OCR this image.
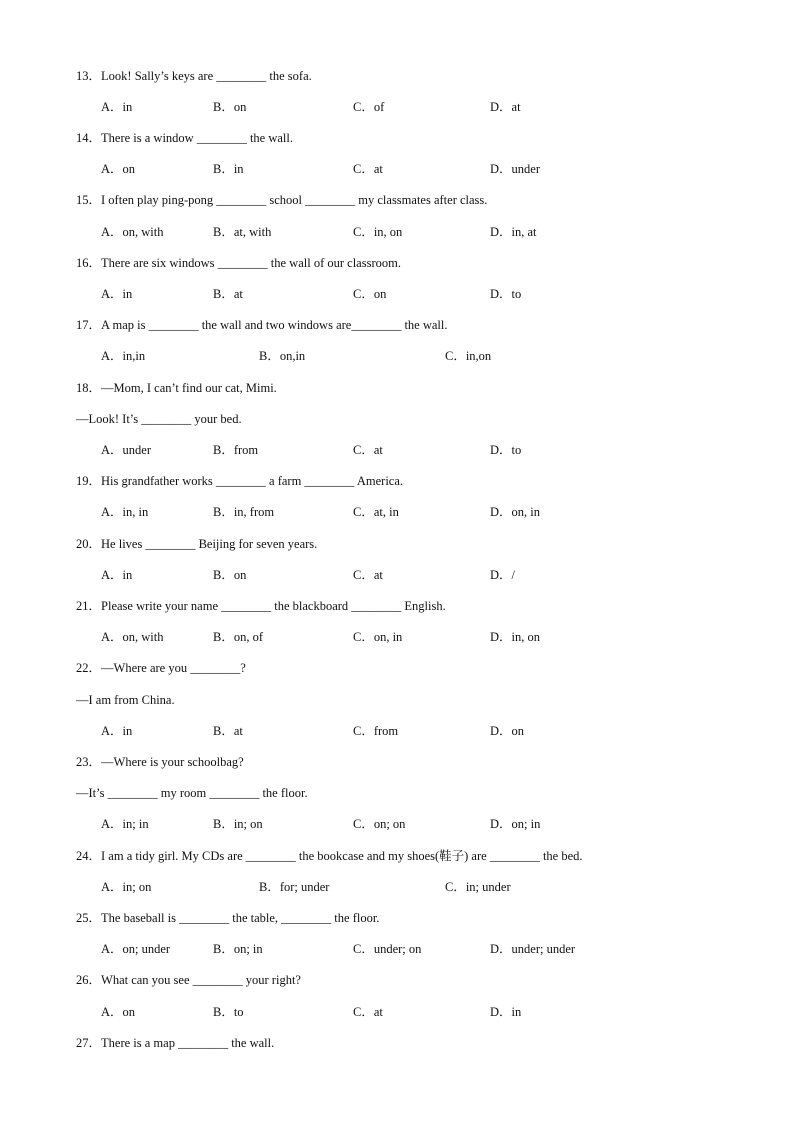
13．Look! Sally’s keys are ________ the sofa.
A．in	B．on	C．of	D．at
14．There is a window ________ the wall.
A．on	B．in	C．at	D．under
15．I often play ping-pong ________ school ________ my classmates after class.
A．on, with	B．at, with	C．in, on	D．in, at
16．There are six windows ________ the wall of our classroom.
A．in	B．at	C．on	D．to
17．A map is ________ the wall and two windows are________ the wall.
A．in,in	B．on,in	C．in,on
18．—Mom, I can’t find our cat, Mimi.
—Look! It’s ________ your bed.
A．under	B．from	C．at	D．to
19．His grandfather works ________ a farm ________ America.
A．in, in	B．in, from	C．at, in	D．on, in
20．He lives ________ Beijing for seven years.
A．in	B．on	C．at	D．/
21．Please write your name ________ the blackboard ________ English.
A．on, with	B．on, of	C．on, in	D．in, on
22．—Where are you ________?
—I am from China.
A．in	B．at	C．from	D．on
23．—Where is your schoolbag?
—It’s ________ my room ________ the floor.
A．in; in	B．in; on	C．on; on	D．on; in
24．I am a tidy girl. My CDs are ________ the bookcase and my shoes(鞋子) are ________ the bed.
A．in; on	B．for; under	C．in; under
25．The baseball is ________ the table, ________ the floor.
A．on; under	B．on; in	C．under; on	D．under; under
26．What can you see ________ your right?
A．on	B．to	C．at	D．in
27．There is a map ________ the wall.
